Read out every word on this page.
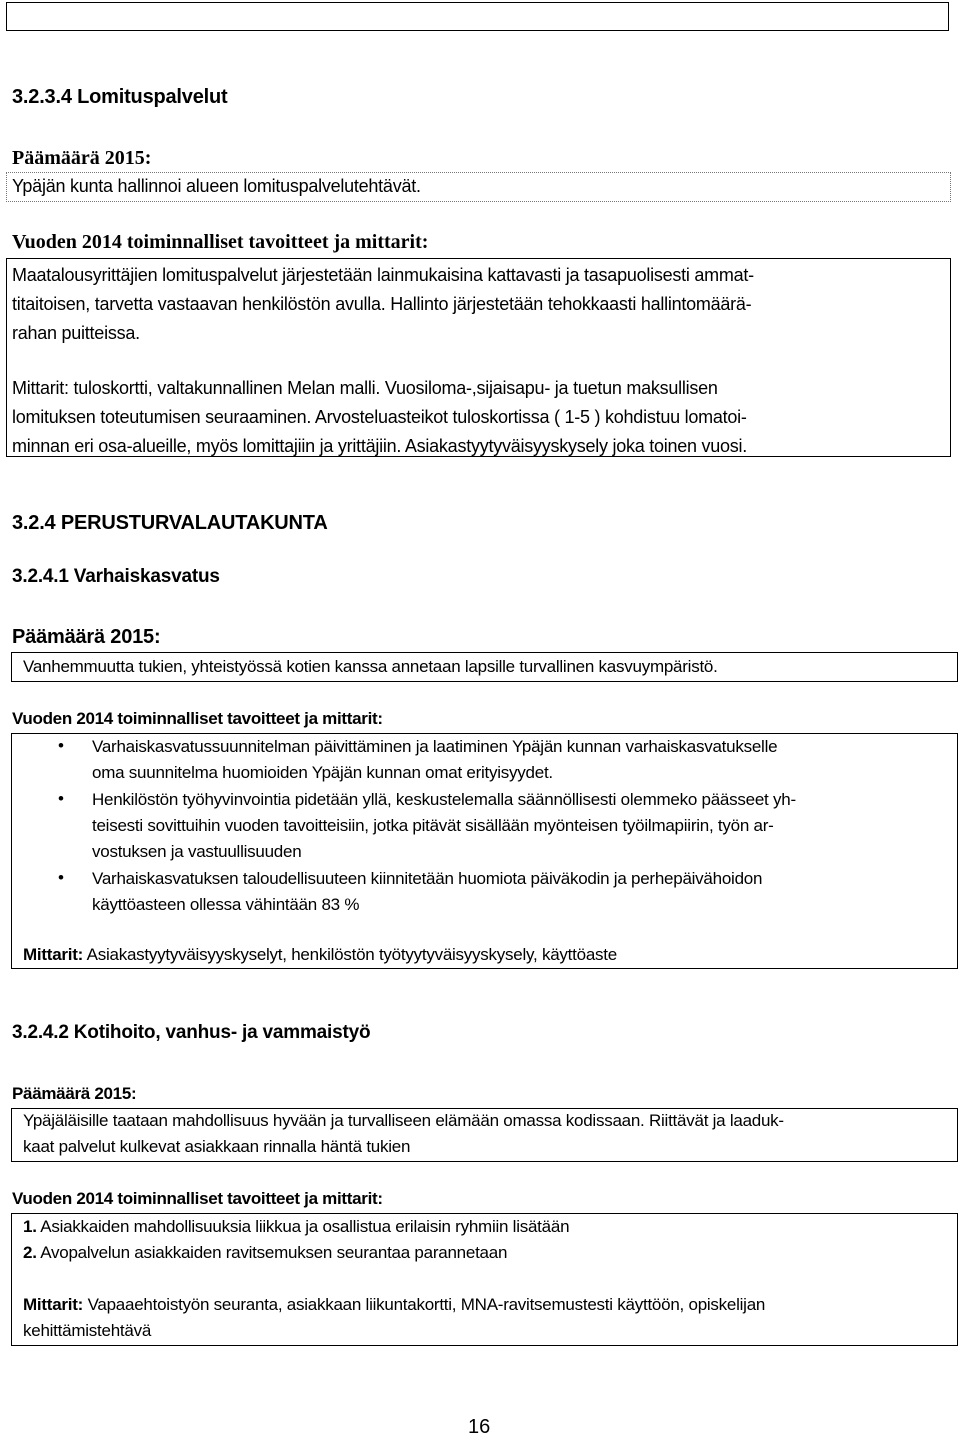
3.2.3.4 Lomituspalvelut
Päämäärä 2015:
Ypäjän kunta hallinnoi alueen lomituspalvelutehtävät.
Vuoden 2014 toiminnalliset tavoitteet ja mittarit:
Maatalousyrittäjien lomituspalvelut järjestetään lainmukaisina kattavasti ja tasapuolisesti ammat-
titaitoisen, tarvetta vastaavan henkilöstön avulla. Hallinto järjestetään tehokkaasti hallintomäärä-
rahan puitteissa.
Mittarit: tuloskortti, valtakunnallinen Melan malli. Vuosiloma-,sijaisapu- ja tuetun maksullisen
lomituksen toteutumisen seuraaminen. Arvosteluasteikot tuloskortissa ( 1-5 ) kohdistuu lomatoi-
minnan eri osa-alueille, myös lomittajiin ja yrittäjiin. Asiakastyytyväisyyskysely joka toinen vuosi.
3.2.4 PERUSTURVALAUTAKUNTA
3.2.4.1 Varhaiskasvatus
Päämäärä 2015:
Vanhemmuutta tukien, yhteistyössä kotien kanssa annetaan lapsille turvallinen kasvuympäristö.
Vuoden 2014 toiminnalliset tavoitteet ja mittarit:
• Varhaiskasvatussuunnitelman päivittäminen ja laatiminen Ypäjän kunnan varhaiskasvatukselle
oma suunnitelma huomioiden Ypäjän kunnan omat erityisyydet.
• Henkilöstön työhyvinvointia pidetään yllä, keskustelemalla säännöllisesti olemmeko päässeet yh-
teisesti sovittuihin vuoden tavoitteisiin, jotka pitävät sisällään myönteisen työilmapiirin, työn ar-
vostuksen ja vastuullisuuden
• Varhaiskasvatuksen taloudellisuuteen kiinnitetään huomiota päiväkodin ja perhepäivähoidon
käyttöasteen ollessa vähintään 83 %
Mittarit: Asiakastyytyväisyyskyselyt, henkilöstön työtyytyväisyyskysely, käyttöaste
3.2.4.2 Kotihoito, vanhus- ja vammaistyö
Päämäärä 2015:
Ypäjäläisille taataan mahdollisuus hyvään ja turvalliseen elämään omassa kodissaan. Riittävät ja laaduk-
kaat palvelut kulkevat asiakkaan rinnalla häntä tukien
Vuoden 2014 toiminnalliset tavoitteet ja mittarit:
1. Asiakkaiden mahdollisuuksia liikkua ja osallistua erilaisin ryhmiin lisätään
2. Avopalvelun asiakkaiden ravitsemuksen seurantaa parannetaan
Mittarit: Vapaaehtoistyön seuranta, asiakkaan liikuntakortti, MNA-ravitsemustesti käyttöön, opiskelijan
kehittämistehtävä
16
